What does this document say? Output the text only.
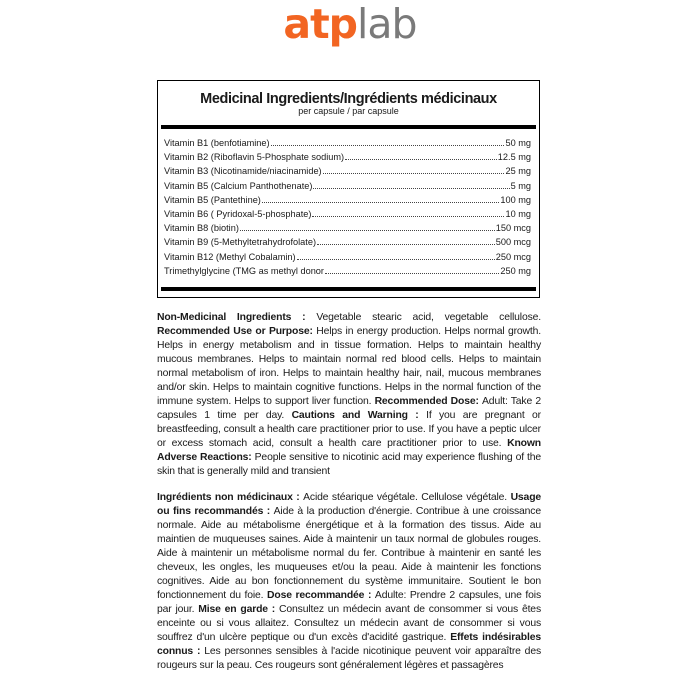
atplab
Medicinal Ingredients/Ingrédients médicinaux
per capsule / par capsule
Vitamin B1 (benfotiamine)	50 mg
Vitamin B2 (Riboflavin 5-Phosphate sodium)	12.5 mg
Vitamin B3 (Nicotinamide/niacinamide)	25 mg
Vitamin B5 (Calcium Panthothenate)	5 mg
Vitamin B5 (Pantethine)	100 mg
Vitamin B6 ( Pyridoxal-5-phosphate)	10 mg
Vitamin B8 (biotin)	150 mcg
Vitamin B9 (5-Methyltetrahydrofolate)	500 mcg
Vitamin B12 (Methyl Cobalamin)	250 mcg
Trimethylglycine (TMG as methyl donor	250 mg
Non-Medicinal Ingredients : Vegetable stearic acid, vegetable cellulose. Recommended Use or Purpose: Helps in energy production. Helps normal growth. Helps in energy metabolism and in tissue formation. Helps to maintain healthy mucous membranes. Helps to maintain normal red blood cells. Helps to maintain normal metabolism of iron. Helps to maintain healthy hair, nail, mucous membranes and/or skin. Helps to maintain cognitive functions. Helps in the normal function of the immune system. Helps to support liver function. Recommended Dose: Adult: Take 2 capsules 1 time per day. Cautions and Warning : If you are pregnant or breastfeeding, consult a health care practitioner prior to use. If you have a peptic ulcer or excess stomach acid, consult a health care practitioner prior to use. Known Adverse Reactions: People sensitive to nicotinic acid may experience flushing of the skin that is generally mild and transient
Ingrédients non médicinaux : Acide stéarique végétale. Cellulose végétale. Usage ou fins recommandés : Aide à la production d'énergie. Contribue à une croissance normale. Aide au métabolisme énergétique et à la formation des tissus. Aide au maintien de muqueuses saines. Aide à maintenir un taux normal de globules rouges. Aide à maintenir un métabolisme normal du fer. Contribue à maintenir en santé les cheveux, les ongles, les muqueuses et/ou la peau. Aide à maintenir les fonctions cognitives. Aide au bon fonctionnement du système immunitaire. Soutient le bon fonctionnement du foie. Dose recommandée : Adulte: Prendre 2 capsules, une fois par jour. Mise en garde : Consultez un médecin avant de consommer si vous êtes enceinte ou si vous allaitez. Consultez un médecin avant de consommer si vous souffrez d'un ulcère peptique ou d'un excès d'acidité gastrique. Effets indésirables connus : Les personnes sensibles à l'acide nicotinique peuvent voir apparaître des rougeurs sur la peau. Ces rougeurs sont généralement légères et passagères
